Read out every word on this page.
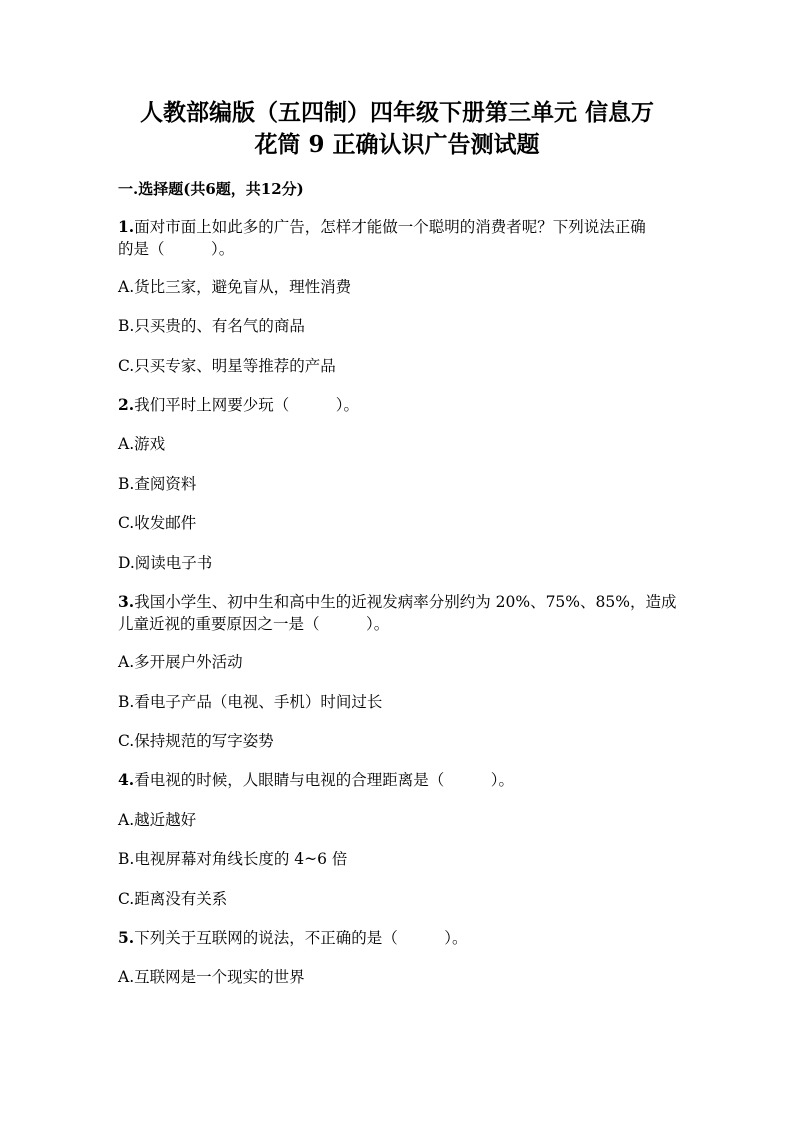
人教部编版（五四制）四年级下册第三单元 信息万
花筒 9 正确认识广告测试题
一.选择题(共6题，共12分)
1.面对市面上如此多的广告，怎样才能做一个聪明的消费者呢？下列说法正确
的是（　　　）。
A.货比三家，避免盲从，理性消费
B.只买贵的、有名气的商品
C.只买专家、明星等推荐的产品
2.我们平时上网要少玩（　　　）。
A.游戏
B.查阅资料
C.收发邮件
D.阅读电子书
3.我国小学生、初中生和高中生的近视发病率分别约为 20%、75%、85%，造成
儿童近视的重要原因之一是（　　　）。
A.多开展户外活动
B.看电子产品（电视、手机）时间过长
C.保持规范的写字姿势
4.看电视的时候，人眼睛与电视的合理距离是（　　　）。
A.越近越好
B.电视屏幕对角线长度的 4~6 倍
C.距离没有关系
5.下列关于互联网的说法，不正确的是（　　　）。
A.互联网是一个现实的世界
